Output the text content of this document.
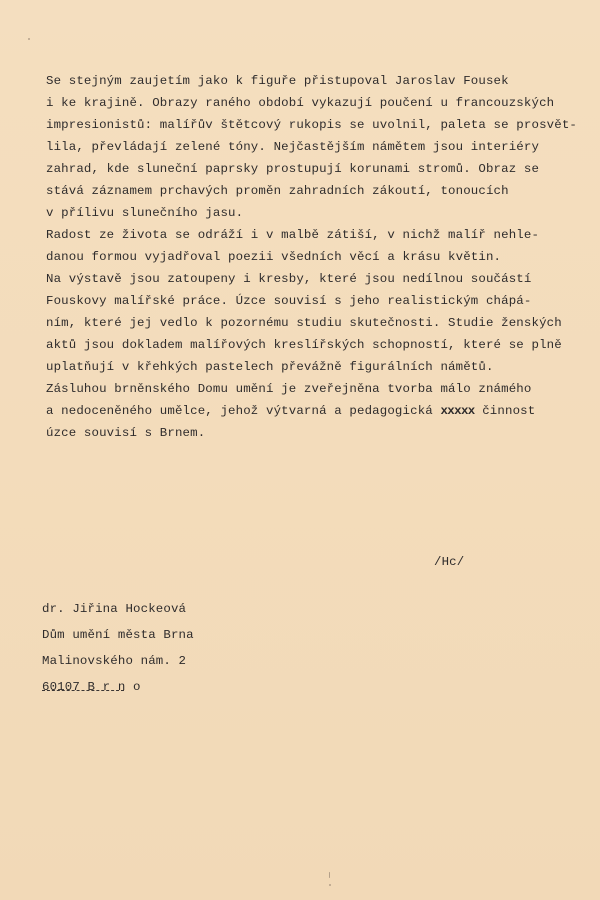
Se stejným zaujetím jako k figuře přistupoval Jaroslav Fousek

i ke krajině. Obrazy raného období vykazují poučení u francouzských

impresionistů: malířův štětcový rukopis se uvolnil, paleta se prosvět-

lila, převládají zelené tóny. Nejčastějším námětem jsou interiéry

zahrad, kde sluneční paprsky prostupují korunami stromů. Obraz se

stává záznamem prchavých proměn zahradních zákoutí, tonoucích

v přílivu slunečního jasu.

Radost ze života se odráží i v malbě zátiší, v nichž malíř nehle-

danou formou vyjadřoval poezii všedních věcí a krásu květin.

Na výstavě jsou zatoupeny i kresby, které jsou nedílnou součástí

Fouskovy malířské práce. Úzce souvisí s jeho realistickým chápá-

ním, které jej vedlo k pozornému studiu skutečnosti. Studie ženských

aktů jsou dokladem malířových kreslířských schopností, které se plně

uplatňují v křehkých pastelech převážně figurálních námětů.

Zásluhou brněnského Domu umění je zveřejněna tvorba málo známého

a nedoceněného umělce, jehož výtvarná a pedagogická xxxxx činnost

úzce souvisí s Brnem.

/Hc/

dr. Jiřina Hockeová

Dům umění města Brna

Malinovského nám. 2

60107 B r n o
